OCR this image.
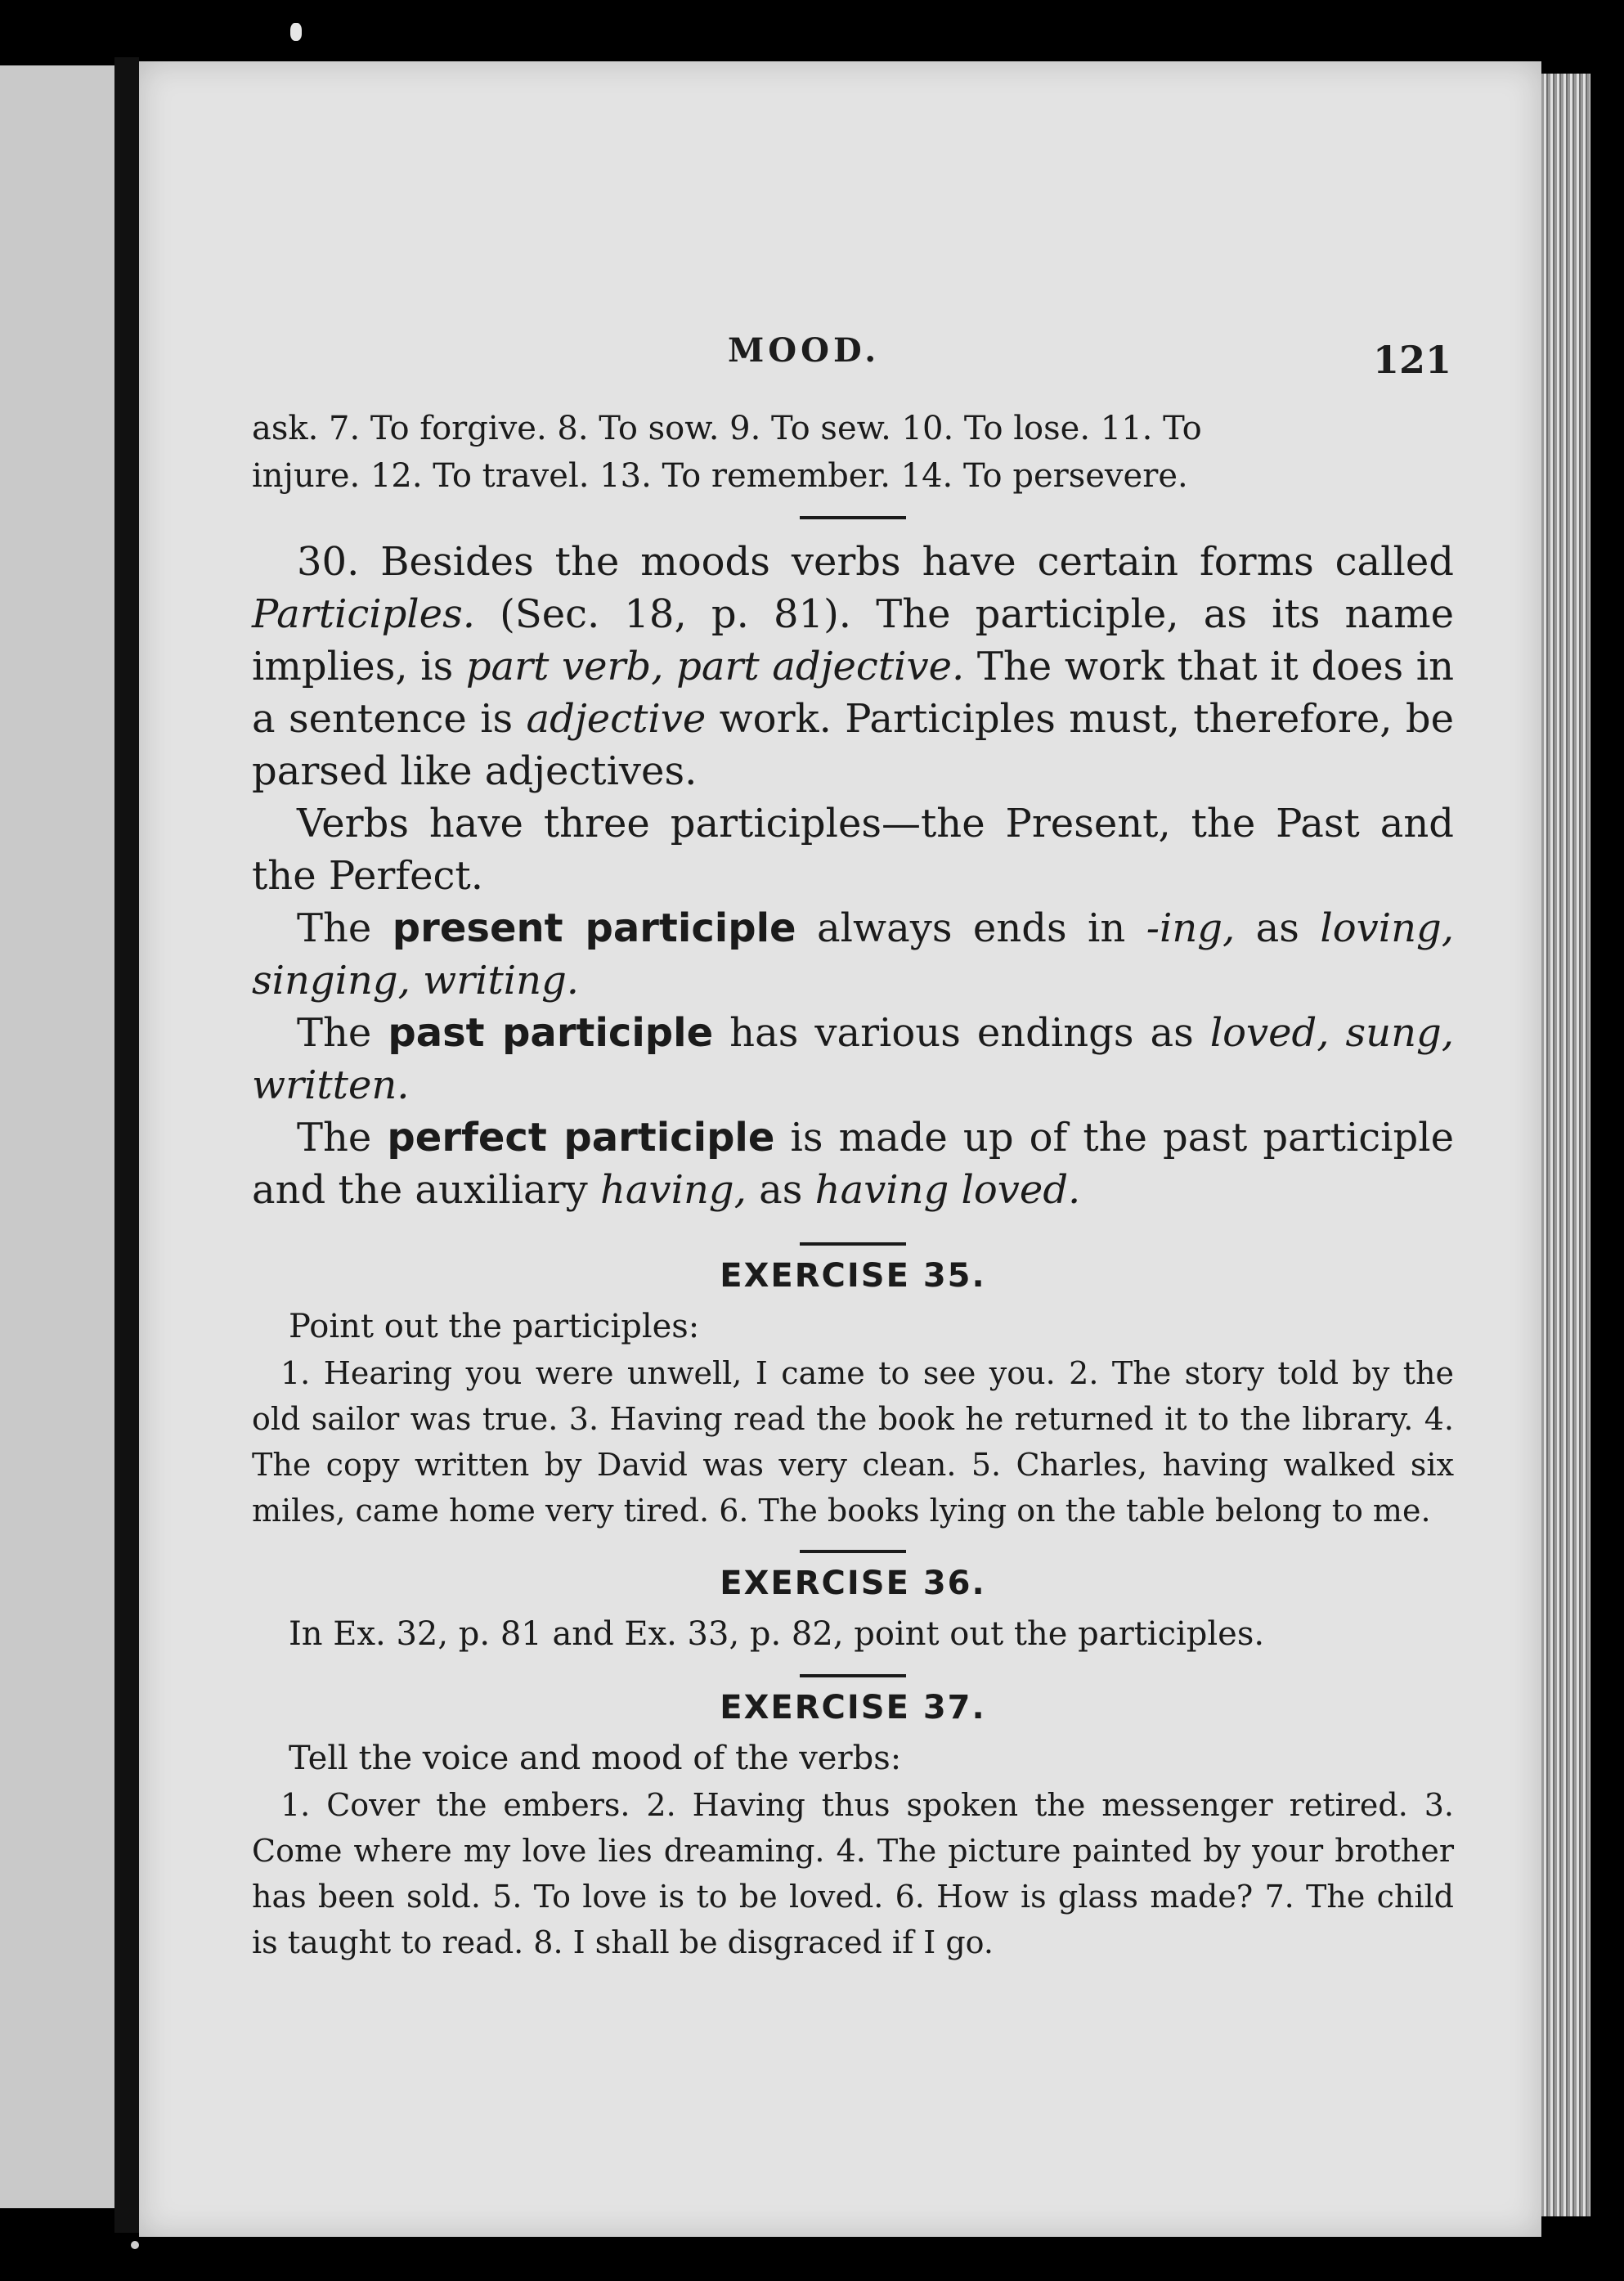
MOOD.	121

ask. 7. To forgive. 8. To sow. 9. To sew. 10. To lose. 11. To

injure. 12. To travel. 13. To remember. 14. To persevere.

30. Besides the moods verbs have certain forms called Participles. (Sec. 18, p. 81). The participle, as its name implies, is part verb, part adjective. The work that it does in a sentence is adjective work. Participles must, therefore, be parsed like adjectives.

Verbs have three participles—the Present, the Past and the Perfect.

The present participle always ends in -ing, as loving, singing, writing.

The past participle has various endings as loved, sung, written.

The perfect participle is made up of the past participle and the auxiliary having, as having loved.

EXERCISE 35.

Point out the participles:

1. Hearing you were unwell, I came to see you. 2. The story told by the old sailor was true. 3. Having read the book he returned it to the library. 4. The copy written by David was very clean. 5. Charles, having walked six miles, came home very tired. 6. The books lying on the table belong to me.

EXERCISE 36.

In Ex. 32, p. 81 and Ex. 33, p. 82, point out the participles.

EXERCISE 37.

Tell the voice and mood of the verbs:

1. Cover the embers. 2. Having thus spoken the messenger retired. 3. Come where my love lies dreaming. 4. The picture painted by your brother has been sold. 5. To love is to be loved. 6. How is glass made? 7. The child is taught to read. 8. I shall be disgraced if I go.
